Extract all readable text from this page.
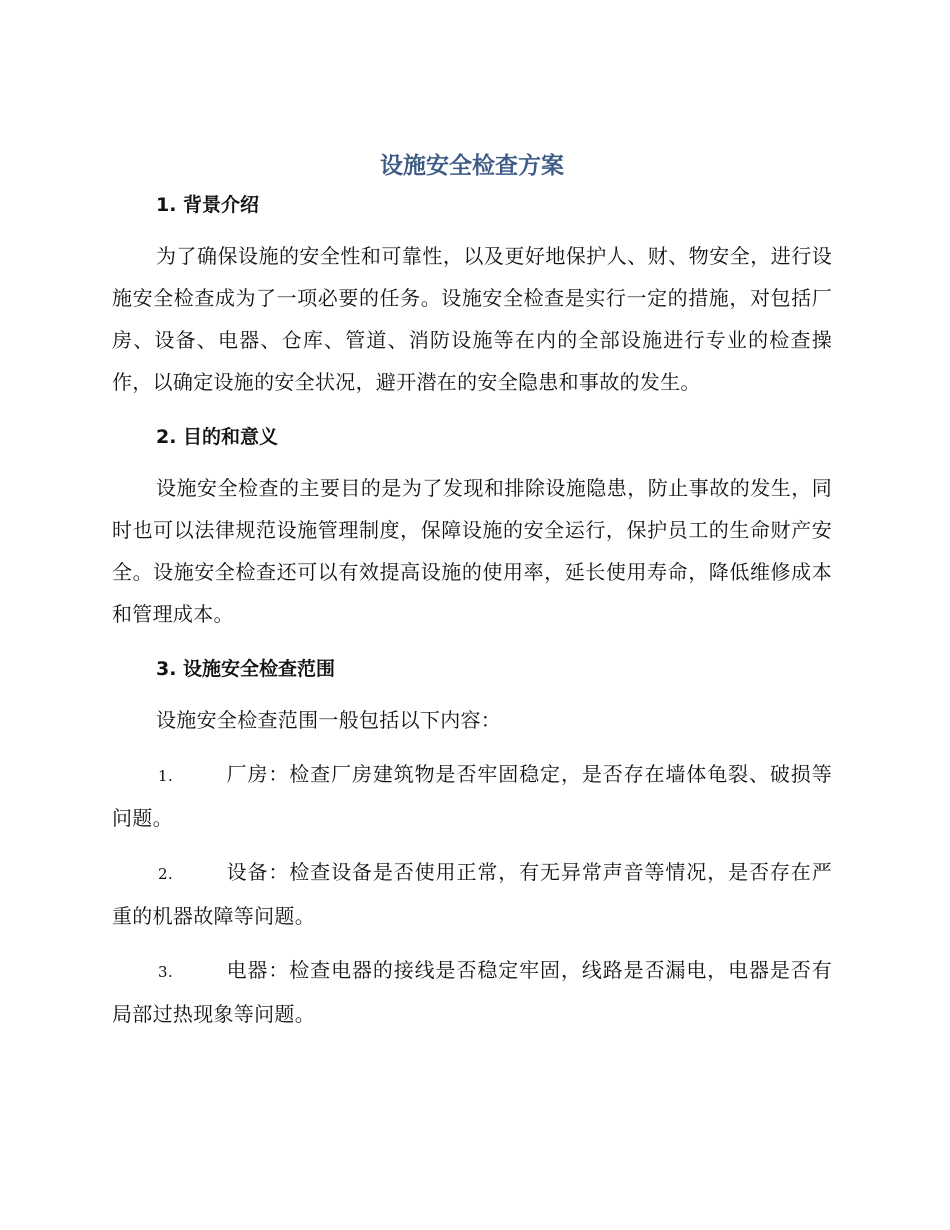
设施安全检查方案
1. 背景介绍

为了确保设施的安全性和可靠性，以及更好地保护人、财、物安全，进行设施安全检查成为了一项必要的任务。设施安全检查是实行一定的措施，对包括厂房、设备、电器、仓库、管道、消防设施等在内的全部设施进行专业的检查操作，以确定设施的安全状况，避开潜在的安全隐患和事故的发生。

2. 目的和意义

设施安全检查的主要目的是为了发现和排除设施隐患，防止事故的发生，同时也可以法律规范设施管理制度，保障设施的安全运行，保护员工的生命财产安全。设施安全检查还可以有效提高设施的使用率，延长使用寿命，降低维修成本和管理成本。

3. 设施安全检查范围

设施安全检查范围一般包括以下内容：

1.	厂房：检查厂房建筑物是否牢固稳定，是否存在墙体龟裂、破损等问题。

2.	设备：检查设备是否使用正常，有无异常声音等情况，是否存在严重的机器故障等问题。

3.	电器：检查电器的接线是否稳定牢固，线路是否漏电，电器是否有局部过热现象等问题。
